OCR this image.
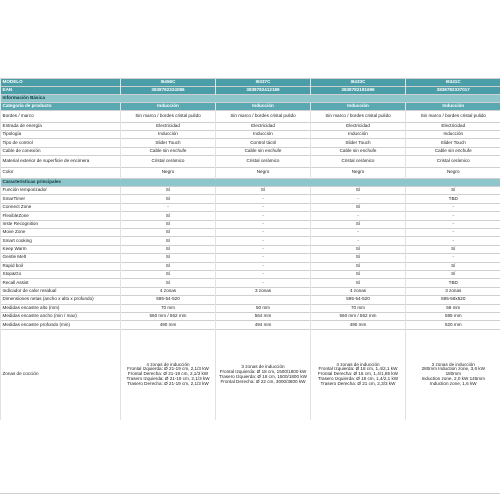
MODELO	I6456C	I6337C	I6433C	I6341C
EAN	3838782324086	3838782412189	3838782181696	3838782337017
Información Básica				
Categoría de producto	Inducción	Inducción	Inducción	Inducción
Bordes / marco	Sin marco / bordes cristal pulido	Sin marco / bordes cristal pulido	Sin marco / bordes cristal pulido	Sin marco / bordes cristal pulido
Entrada de energía	Electricidad	Electricidad	Electricidad	Electricidad
Tipología	Inducción	Inducción	Inducción	Inducción
Tipo de control	Slider Touch	Control táctil	Slider Touch	Slider Touch
Cable de conexión	Cable sin enchufe	Cable sin enchufe	Cable sin enchufe	Cable sin enchufe
Material exterior de superficie de encimera	Cristal cerámico	Cristal cerámico	Cristal cerámico	Cristal cerámico
Color	Negro	Negro	Negro	Negro
Características principales				
Función temporizador	Sí	Sí	Sí	Sí
SmarTimer	Sí	-	-	TBD
Connect Zone	-	-	Sí	-
FlexibleZone	Sí	-	-	-
Inste Recognition	Sí	-	Sí	-
Move Zone	Sí	-	-	-
Smart cooking	Sí	-	-	-
Keep Warm	Sí	-	Sí	Sí
Gentle Melt	Sí	-	Sí	-
Rapid boil	Sí	-	Sí	Sí
Stop&Go	Sí	-	Sí	Sí
Recall Assist	Sí	-	Sí	TBD
Indicador de calor residual	4 zonas	3 zonas	4 zonas	3 zonas
Dimensiones netas (ancho x alto x profundo)	595-54-520		595-54-520	595-58x520
Medidas encastre alto (mm)	70 mm	50 mm	70 mm	58 mm
Medidas encastre ancho (min / max)	560 mm / 562 mm	564 mm	560 mm / 562 mm	595 mm
Medidas encastre profundo (min)	490 mm	494 mm	490 mm	520 mm
Zonas de cocción	4 zonas de inducción
Frontal Izquierda: Ø 21-19 cm, 2,1/3 kW
Frontal Derecha: Ø 21-19 cm, 2,1/3 kW
Trasero Izquierda: Ø 21-19 cm, 2,1/3 kW
Trasero Derecha: Ø 21-19 cm, 2,1/3 kW	3 zonas de inducción
Frontal Izquierda: Ø 18 cm, 1500/1800 kW
Trasero Izquierda: Ø 18 cm, 1500/1800 kW
Frontal Derecha: Ø 22 cm, 3000/3800 kW	4 zonas de inducción
Frontal Izquierda: Ø 18 cm, 1,4/2,1 kW
Frontal Derecha: Ø 16 cm, 1,4/1,85 kW
Trasero Izquierda: Ø 18 cm, 1,4/2,1 kW
Trasero Derecha: Ø 21 cm, 2,3/3 kW	3 zonas de inducción
280mm Induction zone, 3,6 kW
180mm
Induction zone, 2,0 kW 145mm
Induction zone, 1,6 kW
